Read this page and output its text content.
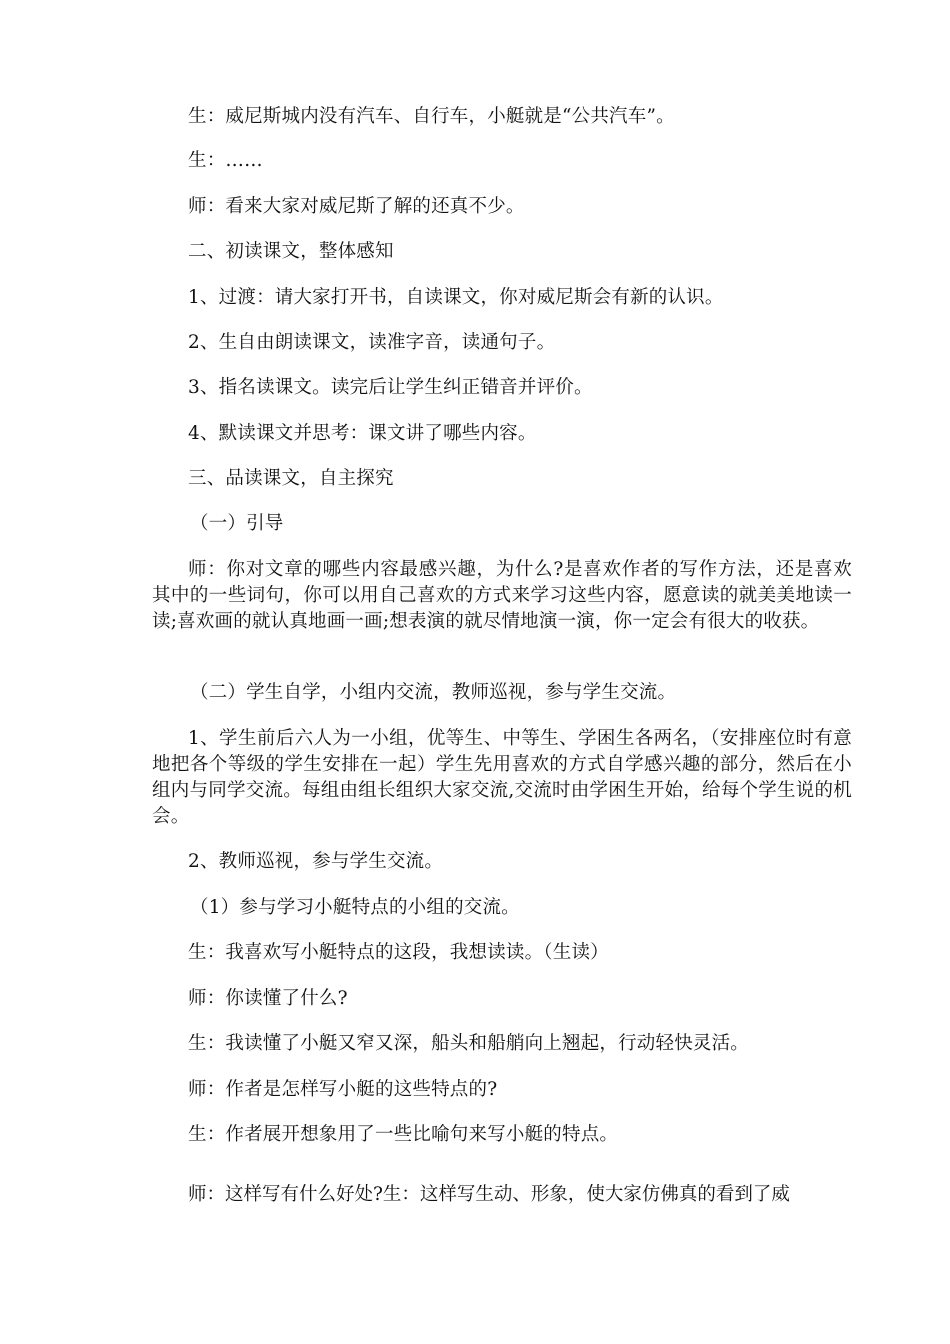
生：威尼斯城内没有汽车、自行车，小艇就是“公共汽车”。

生：……

师：看来大家对威尼斯了解的还真不少。

二、初读课文，整体感知

1、过渡：请大家打开书，自读课文，你对威尼斯会有新的认识。

2、生自由朗读课文，读准字音，读通句子。

3、指名读课文。读完后让学生纠正错音并评价。

4、默读课文并思考：课文讲了哪些内容。

三、品读课文，自主探究

（一）引导

师：你对文章的哪些内容最感兴趣，为什么?是喜欢作者的写作方法，还是喜欢其中的一些词句，你可以用自己喜欢的方式来学习这些内容，愿意读的就美美地读一读;喜欢画的就认真地画一画;想表演的就尽情地演一演，你一定会有很大的收获。

（二）学生自学，小组内交流，教师巡视，参与学生交流。

1、学生前后六人为一小组，优等生、中等生、学困生各两名，（安排座位时有意地把各个等级的学生安排在一起）学生先用喜欢的方式自学感兴趣的部分，然后在小组内与同学交流。每组由组长组织大家交流,交流时由学困生开始，给每个学生说的机会。

2、教师巡视，参与学生交流。

（1）参与学习小艇特点的小组的交流。

生：我喜欢写小艇特点的这段，我想读读。（生读）

师：你读懂了什么?

生：我读懂了小艇又窄又深，船头和船艄向上翘起，行动轻快灵活。

师：作者是怎样写小艇的这些特点的?

生：作者展开想象用了一些比喻句来写小艇的特点。

师：这样写有什么好处?生：这样写生动、形象，使大家仿佛真的看到了威
